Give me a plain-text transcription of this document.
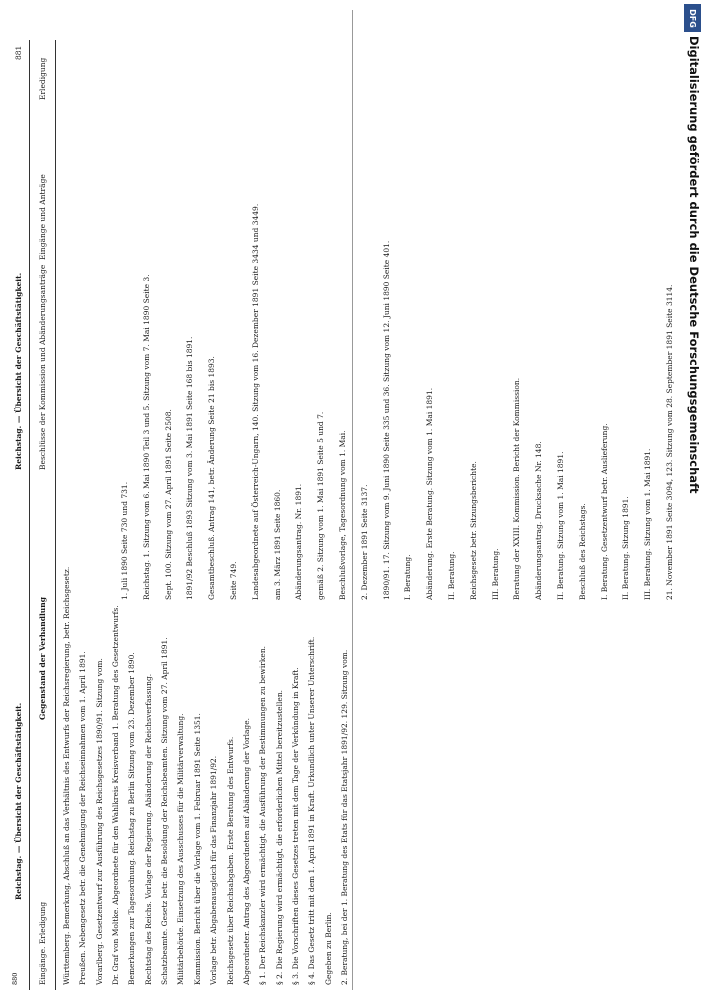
880
Reichstag. — Übersicht der Geschäftstätigkeit.
Gegenstand der Verhandlung
Eingänge. Erledigung Württemberg. Bemerkung, Abschluß an das Verhältnis des Entwurfs der Reichsregierung, betr. Reichsgesetz. Preußen. Nebengesetz betr. die Genehmigung der Reichseinnahmen vom 1. April 1891. Vorarlberg. Gesetzentwurf zur Ausführung des Reichsgesetzes 1890/91. Sitzung vom. Dr. Graf von Moltke. Abgeordnete für den Wahlkreis Kreisverband 1. Beratung des Gesetzentwurfs. Bemerkungen zur Tagesordnung. Reichstag zu Berlin Sitzung vom 23. Dezember 1890. Rechtstag des Reichs. Vorlage der Regierung. Abänderung der Reichsverfassung. Schatzbeamte. Gesetz betr. die Besoldung der Reichsbeamten. Sitzung vom 27. April 1891. Militärbehörde. Einsetzung des Ausschusses für die Militärverwaltung. Kommission. Bericht über die Vorlage vom 1. Februar 1891 Seite 1351. Vorlage betr. Abgabenausgleich für das Finanzjahr 1891/92. Reichsgesetz über Reichsabgaben. Erste Beratung des Entwurfs. Abgeordneter. Antrag des Abgeordneten auf Abänderung der Vorlage. § 1. Der Reichskanzler wird ermächtigt, die Ausführung der Bestimmungen zu bewirken. § 2. Die Regierung wird ermächtigt, die erforderlichen Mittel bereitzustellen. § 3. Die Vorschriften dieses Gesetzes treten mit dem Tage der Verkündung in Kraft. § 4. Das Gesetz tritt mit dem 1. April 1891 in Kraft. Urkundlich unter Unserer Unterschrift. Gegeben zu Berlin. 2. Beratung, bei der 1. Beratung des Etats für das Etatsjahr 1891/92. 129. Sitzung vom.
881
Reichstag. — Übersicht der Geschäftstätigkeit. Beschlüsse der Kommission und Abänderungsanträge
Eingänge und Anträge
Erledigung
1. Juli 1890 Seite 730 und 731. Reichstag. 1. Sitzung vom 6. Mai 1890 Teil 3 und 5. Sitzung vom 7. Mai 1890 Seite 3. Sept. 100. Sitzung vom 27. April 1891 Seite 2508. 1891/92 Beschluß 1893 Sitzung vom 3. Mai 1891 Seite 168 bis 1891. Gesamtbeschluß. Antrag 141, betr. Änderung Seite 21 bis 1893. Seite 749. Landesabgeordnete auf Österreich-Ungarn, 140. Sitzung vom 16. Dezember 1891 Seite 3434 und 3449. am 3. März 1891 Seite 1860. Abänderungsantrag. Nr. 1891. gemäß 2. Sitzung vom 1. Mai 1891 Seite 5 und 7. Beschlußvorlage, Tagesordnung vom 1. Mai. 2. Dezember 1891 Seite 3137. 1890/91. 17. Sitzung vom 9. Juni 1890 Seite 335 und 36. Sitzung vom 12. Juni 1890 Seite 401. I. Beratung. Abänderung. Erste Beratung. Sitzung vom 1. Mai 1891. II. Beratung. Reichsgesetz betr. Sitzungsberichte. III. Beratung. Beratung der XXIII. Kommission. Bericht der Kommission. Abänderungsantrag. Drucksache Nr. 148. II. Beratung. Sitzung vom 1. Mai 1891. Beschluß des Reichstags. I. Beratung. Gesetzentwurf betr. Auslieferung. II. Beratung. Sitzung 1891. III. Beratung. Sitzung vom 1. Mai 1891. 21. November 1891 Seite 3094, 123. Sitzung vom 28. September 1891 Seite 3114.
DFG
Digitalisierung gefördert durch die Deutsche Forschungsgemeinschaft
